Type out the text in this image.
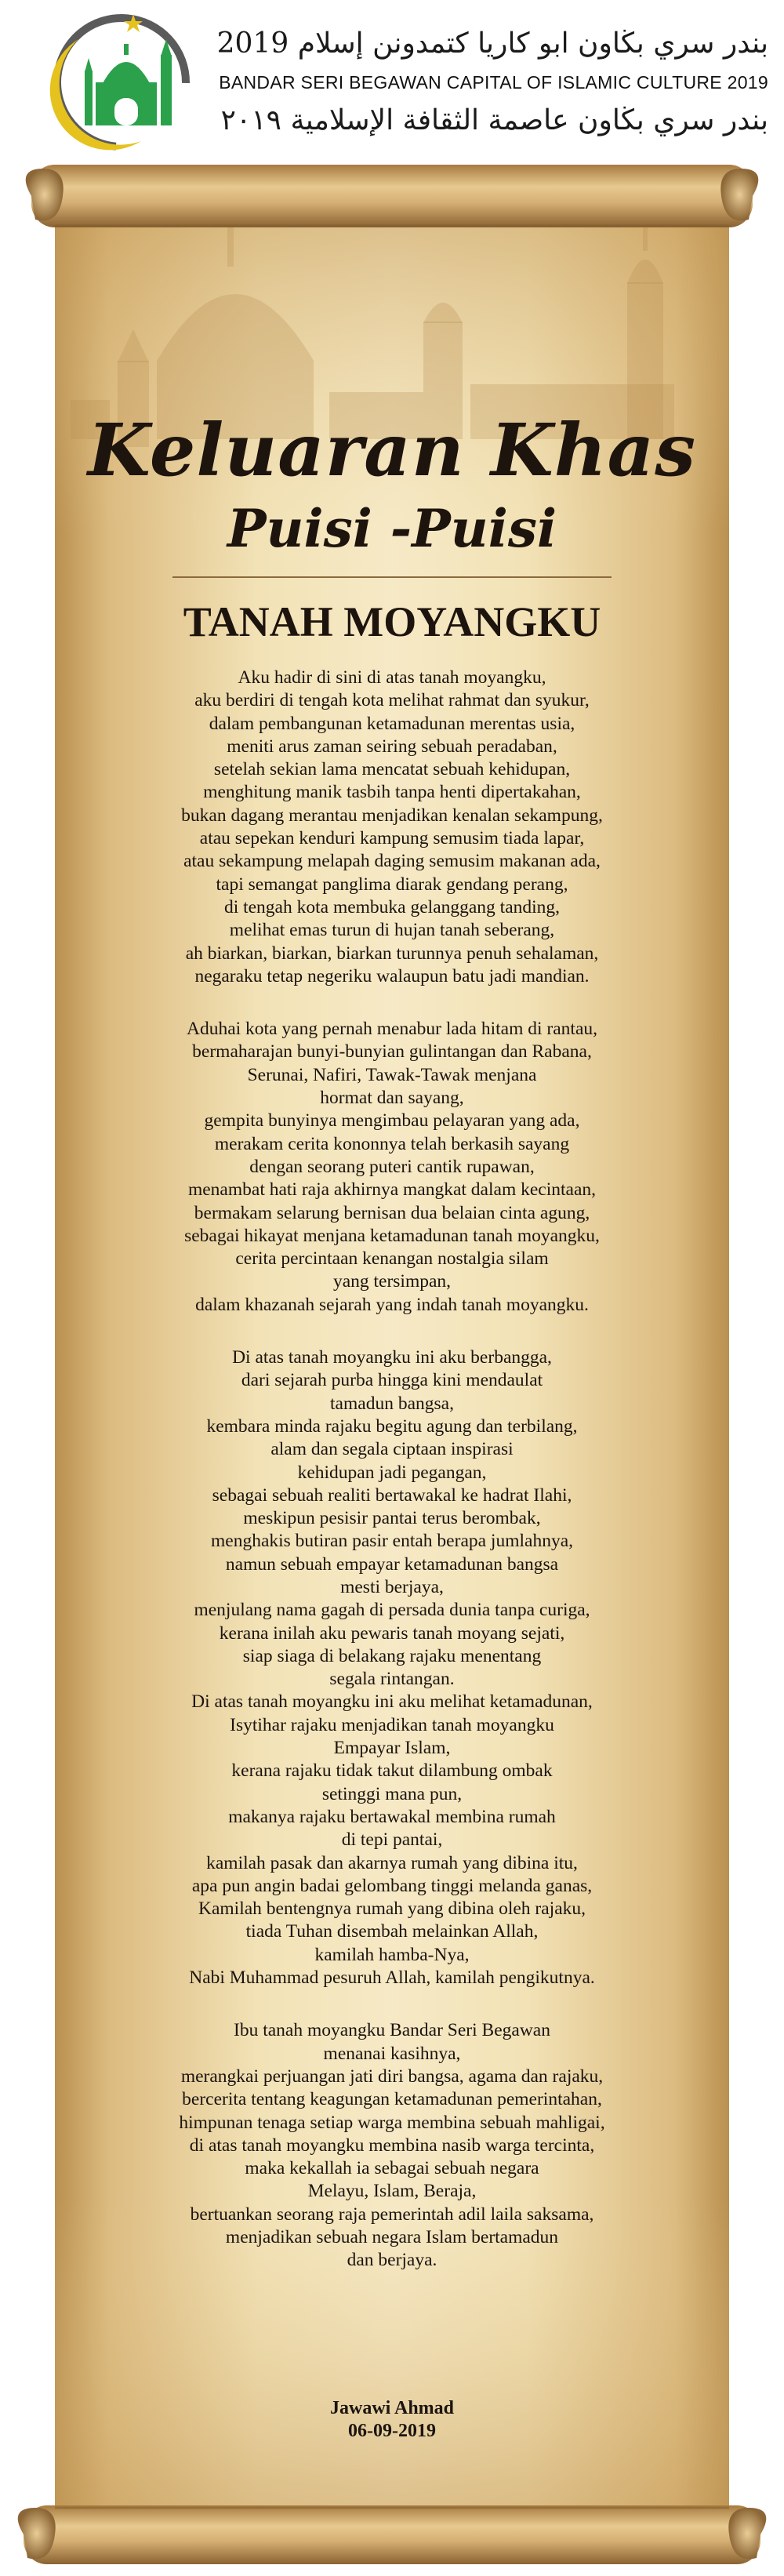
بندر سري بڬاون ابو كاريا كتمدونن إسلام 2019
BANDAR SERI BEGAWAN CAPITAL OF ISLAMIC CULTURE 2019
بندر سري بڬاون عاصمة الثقافة الإسلامية ٢٠١٩
Keluaran Khas
Puisi -Puisi
TANAH MOYANGKU
Aku hadir di sini di atas tanah moyangku,
aku berdiri di tengah kota melihat rahmat dan syukur,
dalam pembangunan ketamadunan merentas usia,
meniti arus zaman seiring sebuah peradaban,
setelah sekian lama mencatat sebuah kehidupan,
menghitung manik tasbih tanpa henti dipertakahan,
bukan dagang merantau menjadikan kenalan sekampung,
atau sepekan kenduri kampung semusim tiada lapar,
atau sekampung melapah daging semusim makanan ada,
tapi semangat panglima diarak gendang perang,
di tengah kota membuka gelanggang tanding,
melihat emas turun di hujan tanah seberang,
ah biarkan, biarkan, biarkan turunnya penuh sehalaman,
negaraku tetap negeriku walaupun batu jadi mandian.
Aduhai kota yang pernah menabur lada hitam di rantau,
bermaharajan bunyi-bunyian gulintangan dan Rabana,
Serunai, Nafiri, Tawak-Tawak menjana
hormat dan sayang,
gempita bunyinya mengimbau pelayaran yang ada,
merakam cerita kononnya telah berkasih sayang
dengan seorang puteri cantik rupawan,
menambat hati raja akhirnya mangkat dalam kecintaan,
bermakam selarung bernisan dua belaian cinta agung,
sebagai hikayat menjana ketamadunan tanah moyangku,
cerita percintaan kenangan nostalgia silam
yang tersimpan,
dalam khazanah sejarah yang indah tanah moyangku.
Di atas tanah moyangku ini aku berbangga,
dari sejarah purba hingga kini mendaulat
tamadun bangsa,
kembara minda rajaku begitu agung dan terbilang,
alam dan segala ciptaan inspirasi
kehidupan jadi pegangan,
sebagai sebuah realiti bertawakal ke hadrat Ilahi,
meskipun pesisir pantai terus berombak,
menghakis butiran pasir entah berapa jumlahnya,
namun sebuah empayar ketamadunan bangsa
mesti berjaya,
menjulang nama gagah di persada dunia tanpa curiga,
kerana inilah aku pewaris tanah moyang sejati,
siap siaga di belakang rajaku menentang
segala rintangan.
Di atas tanah moyangku ini aku melihat ketamadunan,
Isytihar rajaku menjadikan tanah moyangku
Empayar Islam,
kerana rajaku tidak takut dilambung ombak
setinggi mana pun,
makanya rajaku bertawakal membina rumah
di tepi pantai,
kamilah pasak dan akarnya rumah yang dibina itu,
apa pun angin badai gelombang tinggi melanda ganas,
Kamilah bentengnya rumah yang dibina oleh rajaku,
tiada Tuhan disembah melainkan Allah,
kamilah hamba-Nya,
Nabi Muhammad pesuruh Allah, kamilah pengikutnya.
Ibu tanah moyangku Bandar Seri Begawan
menanai kasihnya,
merangkai perjuangan jati diri bangsa, agama dan rajaku,
bercerita tentang keagungan ketamadunan pemerintahan,
himpunan tenaga setiap warga membina sebuah mahligai,
di atas tanah moyangku membina nasib warga tercinta,
maka kekallah ia sebagai sebuah negara
Melayu, Islam, Beraja,
bertuankan seorang raja pemerintah adil laila saksama,
menjadikan sebuah negara Islam bertamadun
dan berjaya.
Jawawi Ahmad
06-09-2019
